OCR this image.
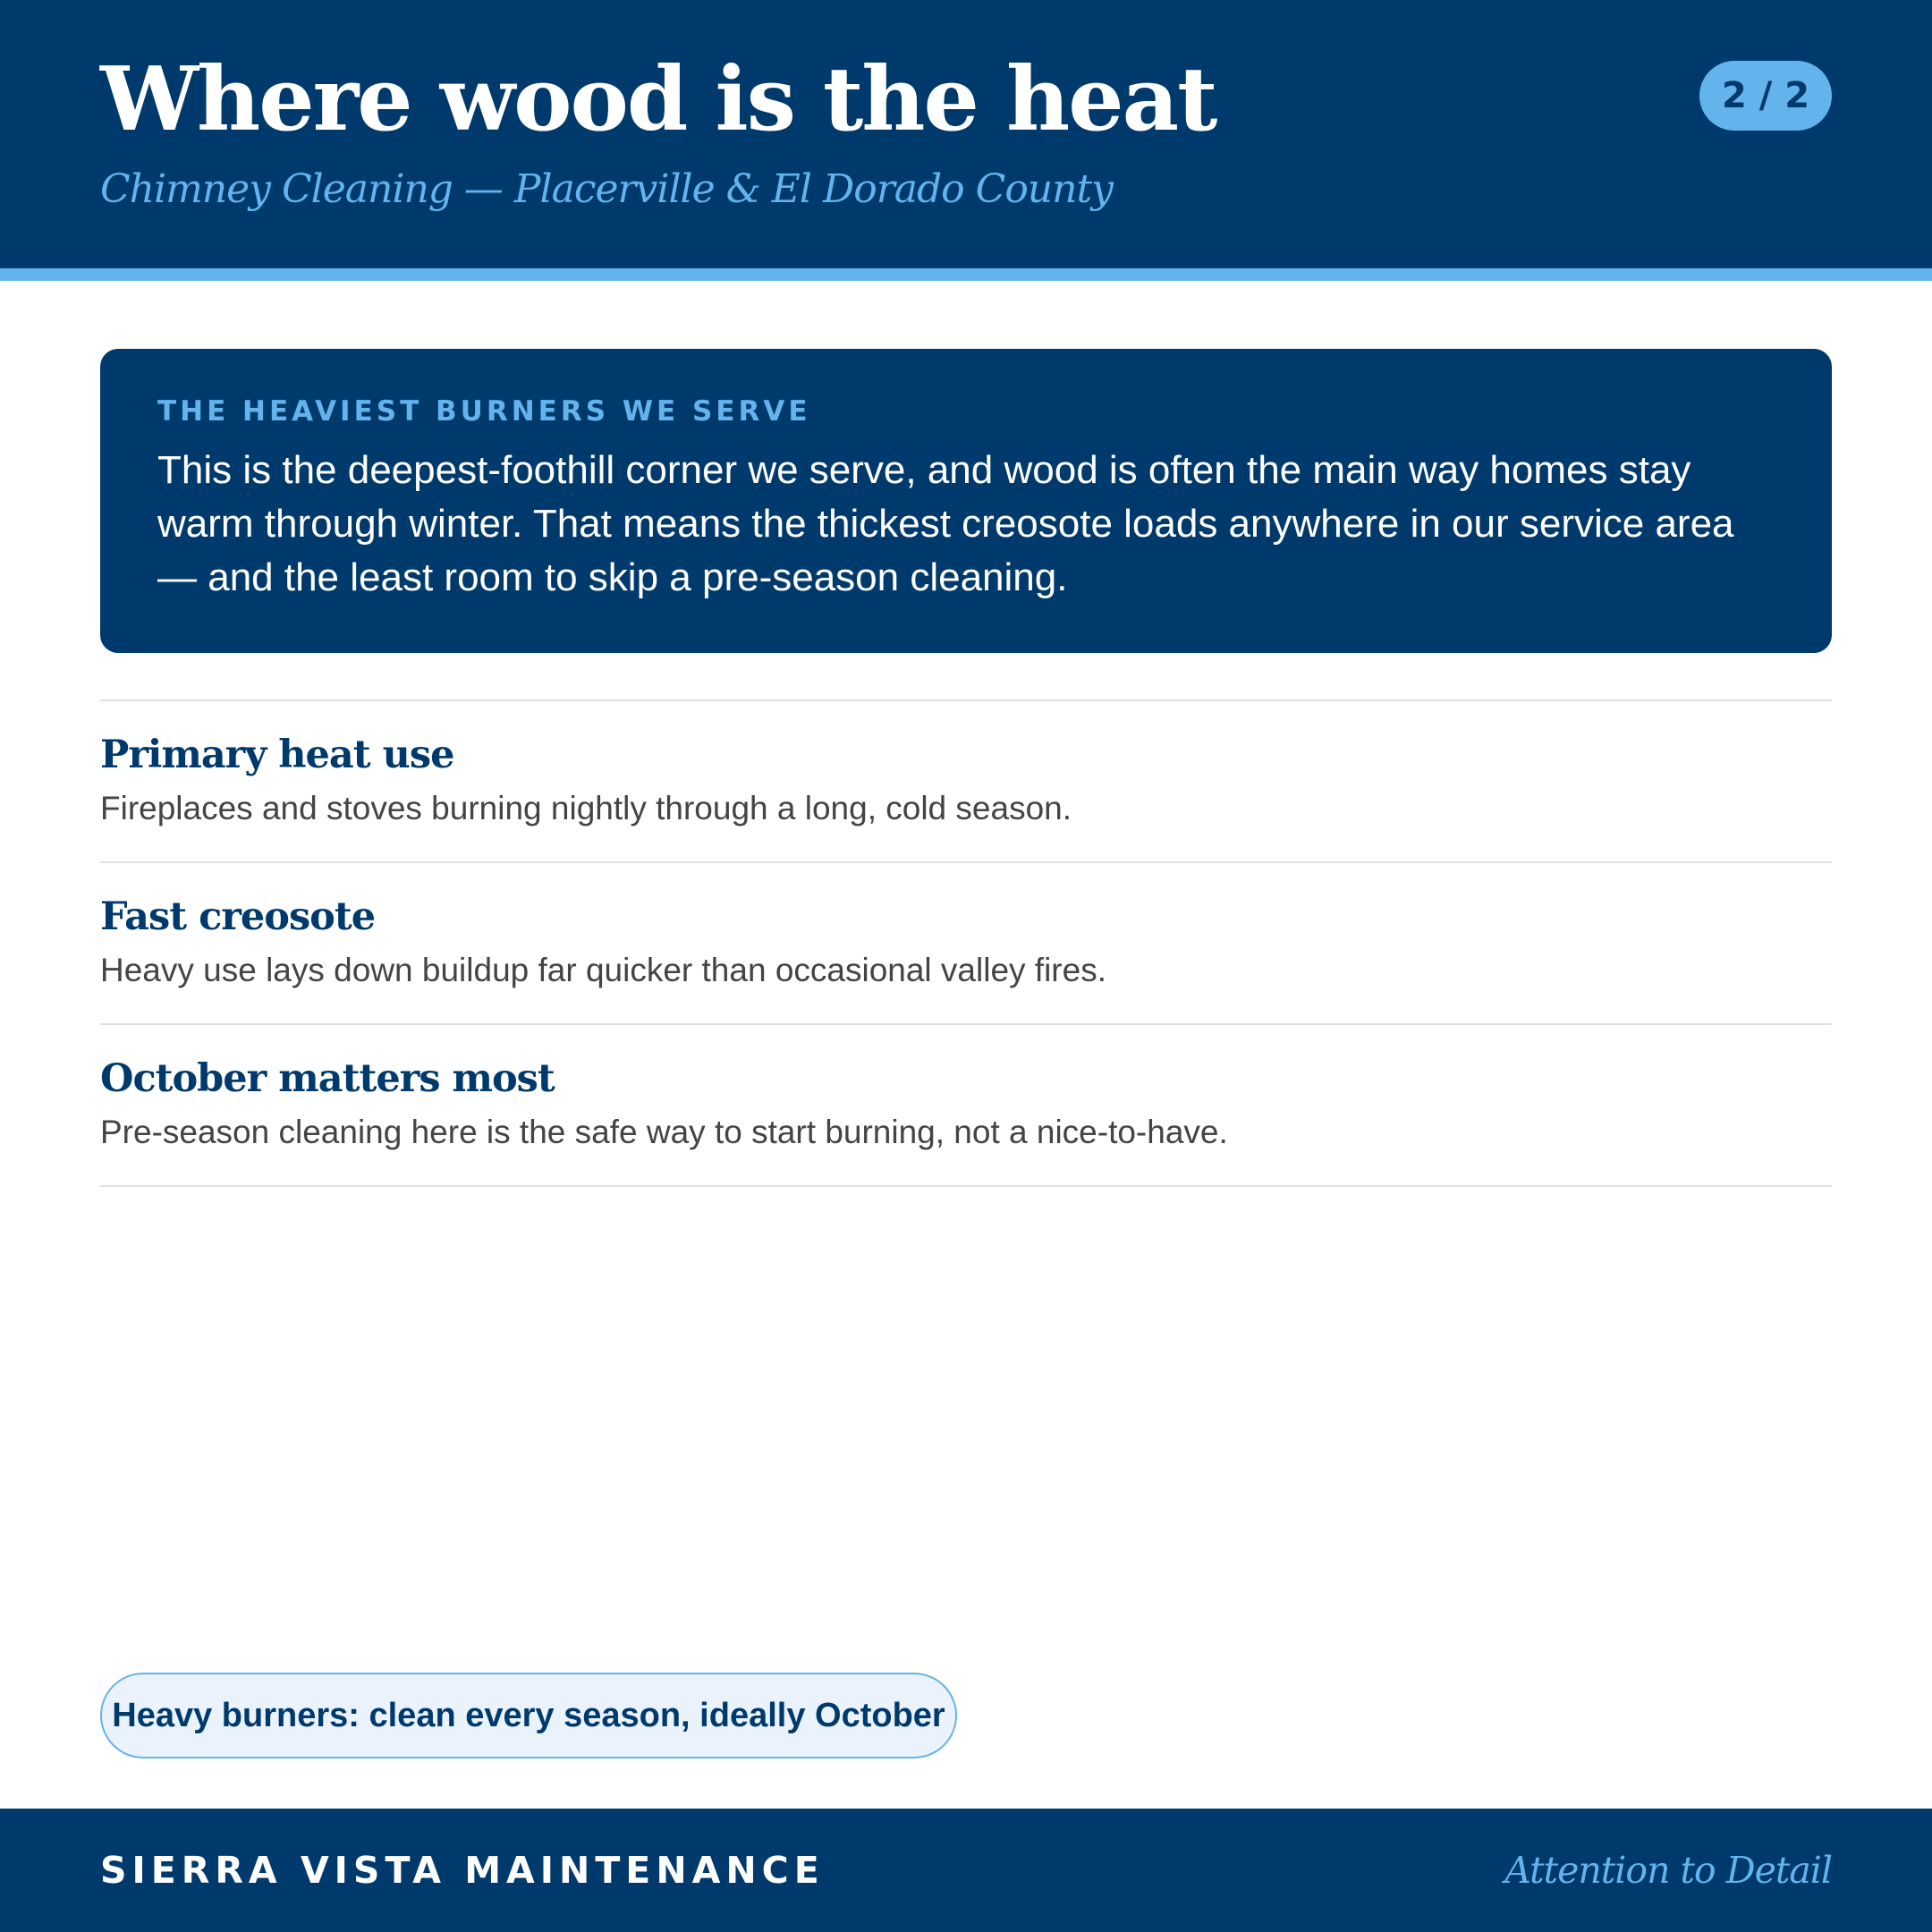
Where wood is the heat
Chimney Cleaning — Placerville & El Dorado County
2 / 2
THE HEAVIEST BURNERS WE SERVE

This is the deepest-foothill corner we serve, and wood is often the main way homes stay warm through winter. That means the thickest creosote loads anywhere in our service area — and the least room to skip a pre-season cleaning.

Primary heat use

Fireplaces and stoves burning nightly through a long, cold season.

Fast creosote

Heavy use lays down buildup far quicker than occasional valley fires.

October matters most

Pre-season cleaning here is the safe way to start burning, not a nice-to-have.

Heavy burners: clean every season, ideally October
SIERRA VISTA MAINTENANCE	Attention to Detail
